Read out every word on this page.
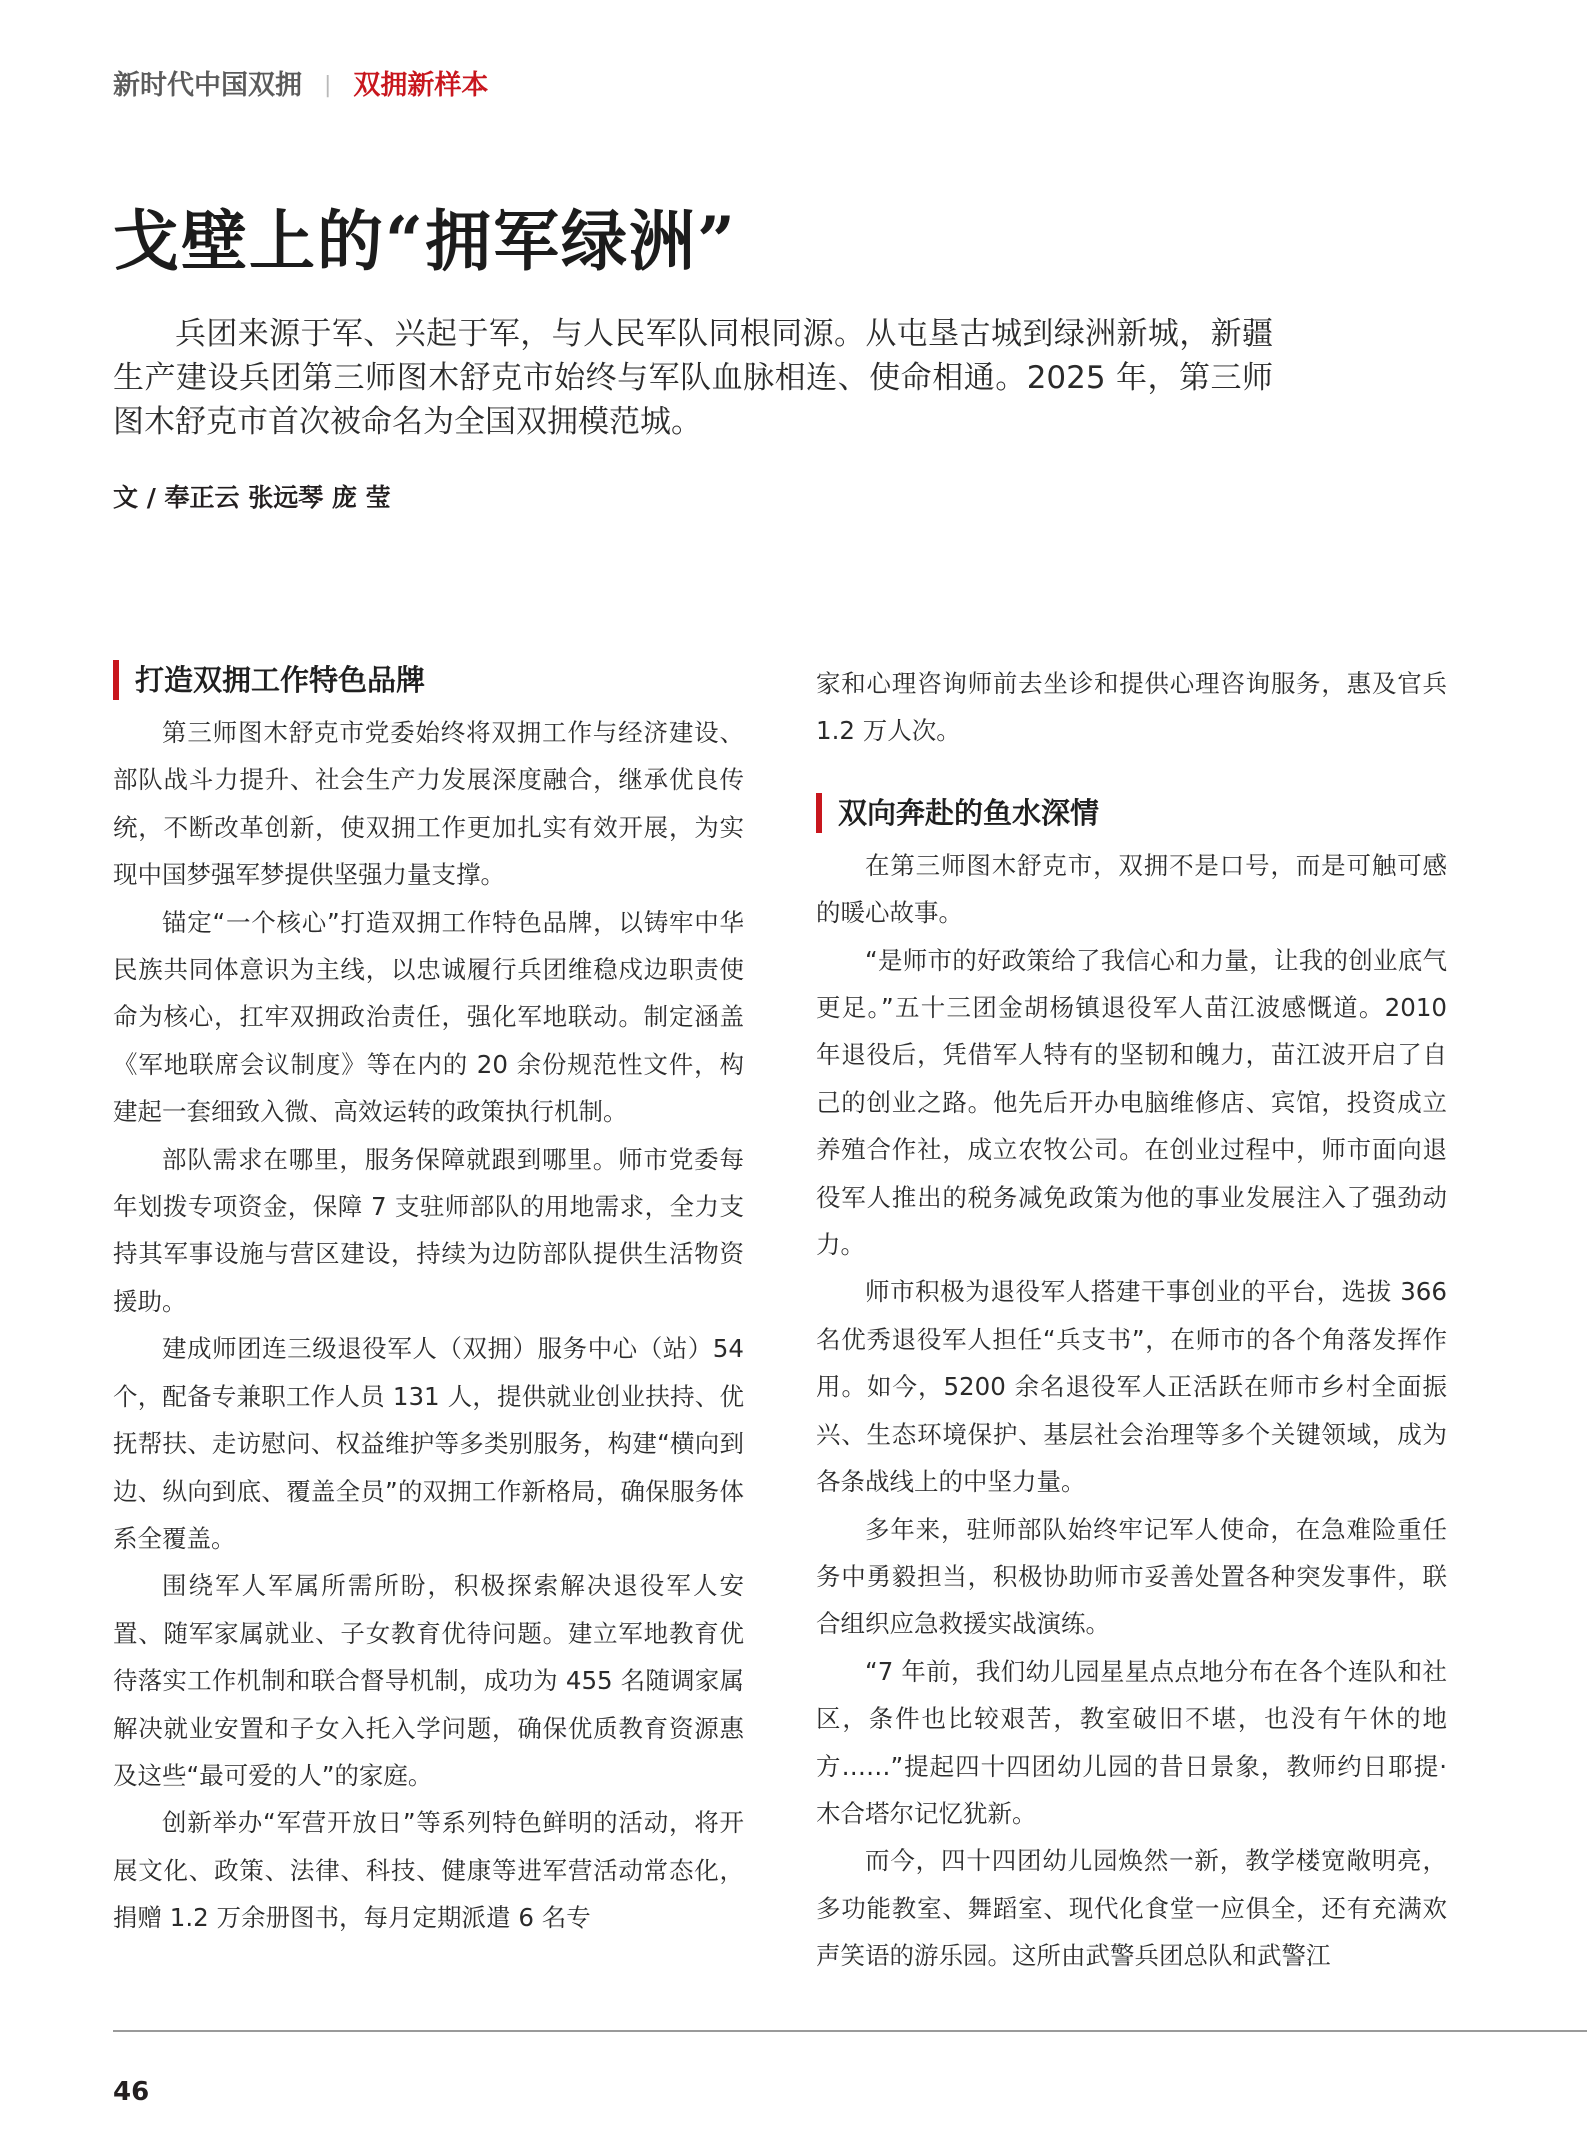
新时代中国双拥 | 双拥新样本
戈壁上的“拥军绿洲”

兵团来源于军、兴起于军，与人民军队同根同源。从屯垦古城到绿洲新城，新疆生产建设兵团第三师图木舒克市始终与军队血脉相连、使命相通。2025 年，第三师图木舒克市首次被命名为全国双拥模范城。

文 / 奉正云 张远琴 庞 莹
打造双拥工作特色品牌

第三师图木舒克市党委始终将双拥工作与经济建设、部队战斗力提升、社会生产力发展深度融合，继承优良传统，不断改革创新，使双拥工作更加扎实有效开展，为实现中国梦强军梦提供坚强力量支撑。

锚定“一个核心”打造双拥工作特色品牌，以铸牢中华民族共同体意识为主线，以忠诚履行兵团维稳戍边职责使命为核心，扛牢双拥政治责任，强化军地联动。制定涵盖《军地联席会议制度》等在内的 20 余份规范性文件，构建起一套细致入微、高效运转的政策执行机制。

部队需求在哪里，服务保障就跟到哪里。师市党委每年划拨专项资金，保障 7 支驻师部队的用地需求，全力支持其军事设施与营区建设，持续为边防部队提供生活物资援助。

建成师团连三级退役军人（双拥）服务中心（站）54 个，配备专兼职工作人员 131 人，提供就业创业扶持、优抚帮扶、走访慰问、权益维护等多类别服务，构建“横向到边、纵向到底、覆盖全员”的双拥工作新格局，确保服务体系全覆盖。

围绕军人军属所需所盼，积极探索解决退役军人安置、随军家属就业、子女教育优待问题。建立军地教育优待落实工作机制和联合督导机制，成功为 455 名随调家属解决就业安置和子女入托入学问题，确保优质教育资源惠及这些“最可爱的人”的家庭。

创新举办“军营开放日”等系列特色鲜明的活动，将开展文化、政策、法律、科技、健康等进军营活动常态化，捐赠 1.2 万余册图书，每月定期派遣 6 名专

家和心理咨询师前去坐诊和提供心理咨询服务，惠及官兵 1.2 万人次。

双向奔赴的鱼水深情

在第三师图木舒克市，双拥不是口号，而是可触可感的暖心故事。

“是师市的好政策给了我信心和力量，让我的创业底气更足。”五十三团金胡杨镇退役军人苗江波感慨道。2010 年退役后，凭借军人特有的坚韧和魄力，苗江波开启了自己的创业之路。他先后开办电脑维修店、宾馆，投资成立养殖合作社，成立农牧公司。在创业过程中，师市面向退役军人推出的税务减免政策为他的事业发展注入了强劲动力。

师市积极为退役军人搭建干事创业的平台，选拔 366 名优秀退役军人担任“兵支书”，在师市的各个角落发挥作用。如今，5200 余名退役军人正活跃在师市乡村全面振兴、生态环境保护、基层社会治理等多个关键领域，成为各条战线上的中坚力量。

多年来，驻师部队始终牢记军人使命，在急难险重任务中勇毅担当，积极协助师市妥善处置各种突发事件，联合组织应急救援实战演练。

“7 年前，我们幼儿园星星点点地分布在各个连队和社区，条件也比较艰苦，教室破旧不堪，也没有午休的地方……”提起四十四团幼儿园的昔日景象，教师约日耶提·木合塔尔记忆犹新。

而今，四十四团幼儿园焕然一新，教学楼宽敞明亮，多功能教室、舞蹈室、现代化食堂一应俱全，还有充满欢声笑语的游乐园。这所由武警兵团总队和武警江

46
